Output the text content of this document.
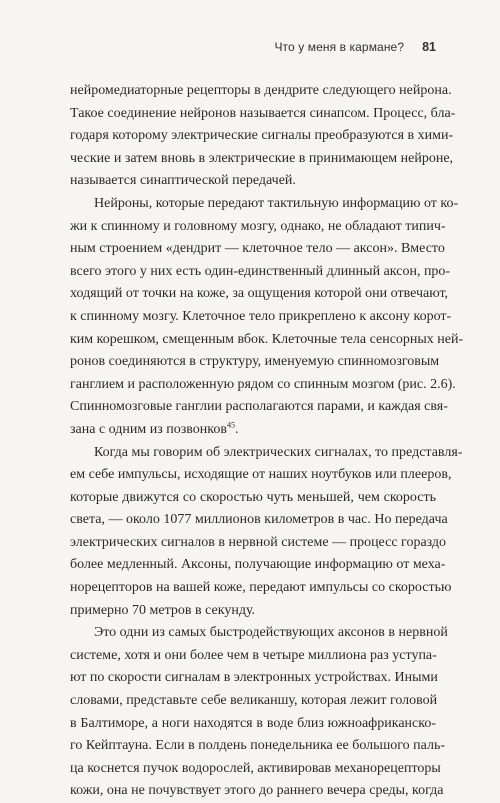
Что у меня в кармане? 81

нейромедиаторные рецепторы в дендрите следующего нейрона.
Такое соединение нейронов называется синапсом. Процесс, бла-
годаря которому электрические сигналы преобразуются в хими-
ческие и затем вновь в электрические в принимающем нейроне,
называется синаптической передачей.

Нейроны, которые передают тактильную информацию от ко-
жи к спинному и головному мозгу, однако, не обладают типич-
ным строением «дендрит — клеточное тело — аксон». Вместо
всего этого у них есть один-единственный длинный аксон, про-
ходящий от точки на коже, за ощущения которой они отвечают,
к спинному мозгу. Клеточное тело прикреплено к аксону корот-
ким корешком, смещенным вбок. Клеточные тела сенсорных ней-
ронов соединяются в структуру, именуемую спинномозговым
ганглием и расположенную рядом со спинным мозгом (рис. 2.6).
Спинномозговые ганглии располагаются парами, и каждая свя-
зана с одним из позвонков$^{45}$.

Когда мы говорим об электрических сигналах, то представля-
ем себе импульсы, исходящие от наших ноутбуков или плееров,
которые движутся со скоростью чуть меньшей, чем скорость
света, — около 1077 миллионов километров в час. Но передача
электрических сигналов в нервной системе — процесс гораздо
более медленный. Аксоны, получающие информацию от меха-
норецепторов на вашей коже, передают импульсы со скоростью
примерно 70 метров в секунду.

Это одни из самых быстродействующих аксонов в нервной
системе, хотя и они более чем в четыре миллиона раз уступа-
ют по скорости сигналам в электронных устройствах. Иными
словами, представьте себе великаншу, которая лежит головой
в Балтиморе, а ноги находятся в воде близ южноафриканско-
го Кейптауна. Если в полдень понедельника ее большого паль-
ца коснется пучок водорослей, активировав механорецепторы
кожи, она не почувствует этого до раннего вечера среды, когда
